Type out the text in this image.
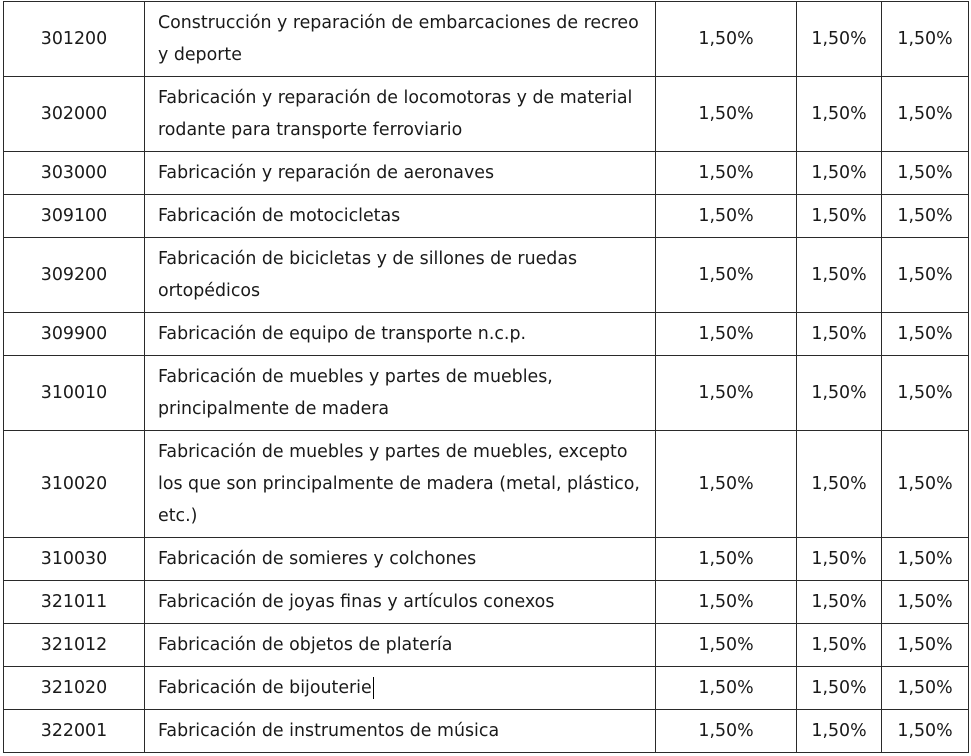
301200	Construcción y reparación de embarcaciones de recreo y deporte	1,50%	1,50%	1,50%
302000	Fabricación y reparación de locomotoras y de material rodante para transporte ferroviario	1,50%	1,50%	1,50%
303000	Fabricación y reparación de aeronaves	1,50%	1,50%	1,50%
309100	Fabricación de motocicletas	1,50%	1,50%	1,50%
309200	Fabricación de bicicletas y de sillones de ruedas ortopédicos	1,50%	1,50%	1,50%
309900	Fabricación de equipo de transporte n.c.p.	1,50%	1,50%	1,50%
310010	Fabricación de muebles y partes de muebles, principalmente de madera	1,50%	1,50%	1,50%
310020	Fabricación de muebles y partes de muebles, excepto los que son principalmente de madera (metal, plástico, etc.)	1,50%	1,50%	1,50%
310030	Fabricación de somieres y colchones	1,50%	1,50%	1,50%
321011	Fabricación de joyas finas y artículos conexos	1,50%	1,50%	1,50%
321012	Fabricación de objetos de platería	1,50%	1,50%	1,50%
321020	Fabricación de bijouterie	1,50%	1,50%	1,50%
322001	Fabricación de instrumentos de música	1,50%	1,50%	1,50%
